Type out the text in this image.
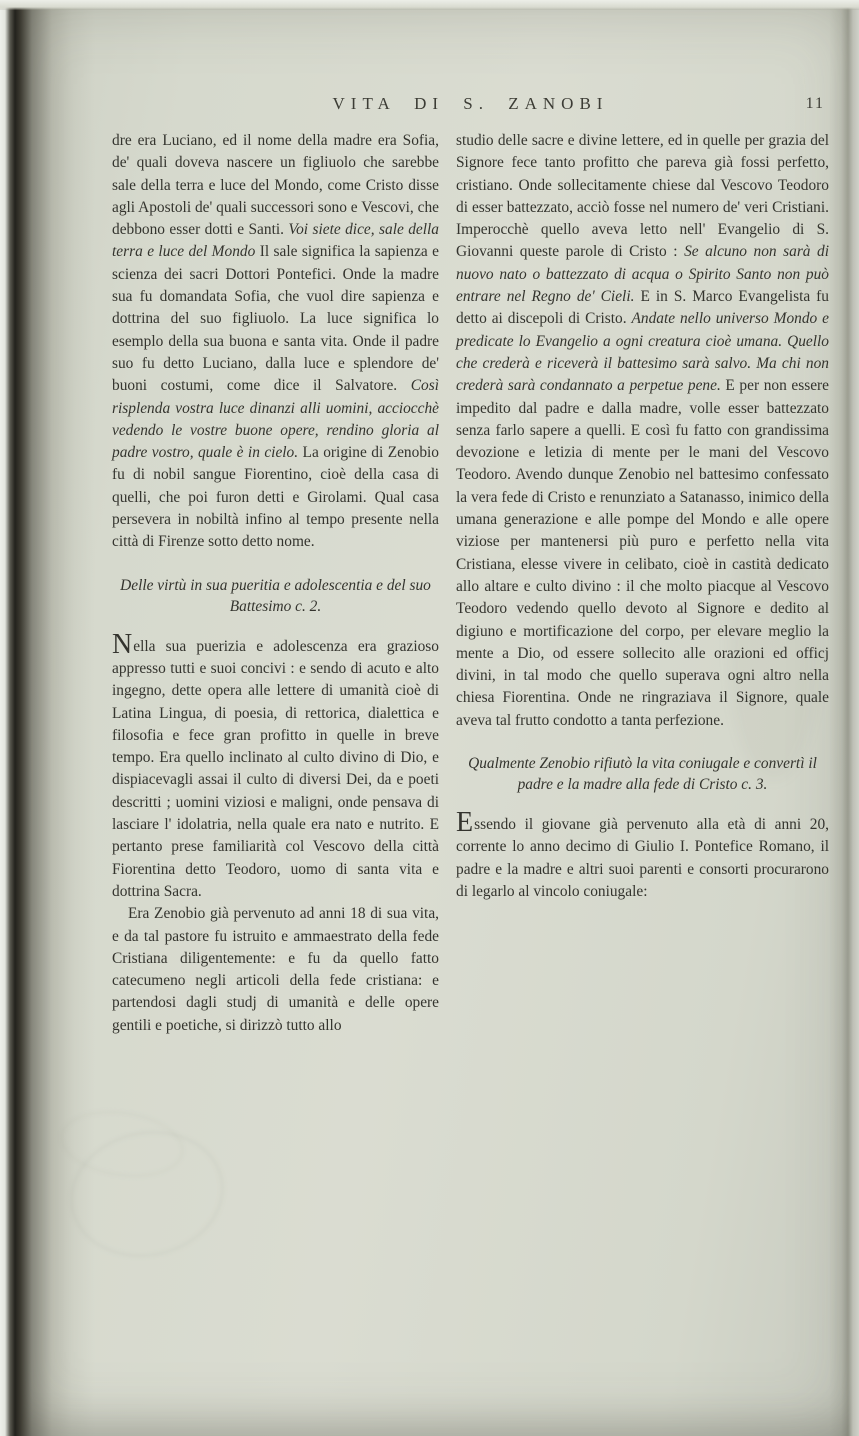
VITA DI S. ZANOBI	11

dre era Luciano, ed il nome della madre era Sofia, de' quali doveva nascere un figliuolo che sarebbe sale della terra e luce del Mondo, come Cristo disse agli Apostoli de' quali successori sono e Vescovi, che debbono esser dotti e Santi. Voi siete dice, sale della terra e luce del Mondo Il sale significa la sapienza e scienza dei sacri Dottori Pontefici. Onde la madre sua fu domandata Sofia, che vuol dire sapienza e dottrina del suo figliuolo. La luce significa lo esemplo della sua buona e santa vita. Onde il padre suo fu detto Luciano, dalla luce e splendore de' buoni costumi, come dice il Salvatore. Così risplenda vostra luce dinanzi alli uomini, acciocchè vedendo le vostre buone opere, rendino gloria al padre vostro, quale è in cielo. La origine di Zenobio fu di nobil sangue Fiorentino, cioè della casa di quelli, che poi furon detti e Girolami. Qual casa persevera in nobiltà infino al tempo presente nella città di Firenze sotto detto nome.

Delle virtù in sua pueritia e adolescentia e del suo Battesimo c. 2.

Nella sua puerizia e adolescenza era grazioso appresso tutti e suoi concivi : e sendo di acuto e alto ingegno, dette opera alle lettere di umanità cioè di Latina Lingua, di poesia, di rettorica, dialettica e filosofia e fece gran profitto in quelle in breve tempo. Era quello inclinato al culto divino di Dio, e dispiacevagli assai il culto di diversi Dei, da e poeti descritti ; uomini viziosi e maligni, onde pensava di lasciare l' idolatria, nella quale era nato e nutrito. E pertanto prese familiarità col Vescovo della città Fiorentina detto Teodoro, uomo di santa vita e dottrina Sacra.

Era Zenobio già pervenuto ad anni 18 di sua vita, e da tal pastore fu istruito e ammaestrato della fede Cristiana diligentemente: e fu da quello fatto catecumeno negli articoli della fede cristiana: e partendosi dagli studj di umanità e delle opere gentili e poetiche, si dirizzò tutto allo

studio delle sacre e divine lettere, ed in quelle per grazia del Signore fece tanto profitto che pareva già fossi perfetto, cristiano. Onde sollecitamente chiese dal Vescovo Teodoro di esser battezzato, acciò fosse nel numero de' veri Cristiani. Imperocchè quello aveva letto nell' Evangelio di S. Giovanni queste parole di Cristo : Se alcuno non sarà di nuovo nato o battezzato di acqua o Spirito Santo non può entrare nel Regno de' Cieli. E in S. Marco Evangelista fu detto ai discepoli di Cristo. Andate nello universo Mondo e predicate lo Evangelio a ogni creatura cioè umana. Quello che crederà e riceverà il battesimo sarà salvo. Ma chi non crederà sarà condannato a perpetue pene. E per non essere impedito dal padre e dalla madre, volle esser battezzato senza farlo sapere a quelli. E così fu fatto con grandissima devozione e letizia di mente per le mani del Vescovo Teodoro. Avendo dunque Zenobio nel battesimo confessato la vera fede di Cristo e renunziato a Satanasso, inimico della umana generazione e alle pompe del Mondo e alle opere viziose per mantenersi più puro e perfetto nella vita Cristiana, elesse vivere in celibato, cioè in castità dedicato allo altare e culto divino : il che molto piacque al Vescovo Teodoro vedendo quello devoto al Signore e dedito al digiuno e mortificazione del corpo, per elevare meglio la mente a Dio, od essere sollecito alle orazioni ed officj divini, in tal modo che quello superava ogni altro nella chiesa Fiorentina. Onde ne ringraziava il Signore, quale aveva tal frutto condotto a tanta perfezione.

Qualmente Zenobio rifiutò la vita coniugale e convertì il padre e la madre alla fede di Cristo c. 3.

Essendo il giovane già pervenuto alla età di anni 20, corrente lo anno decimo di Giulio I. Pontefice Romano, il padre e la madre e altri suoi parenti e consorti procurarono di legarlo al vincolo coniugale:
